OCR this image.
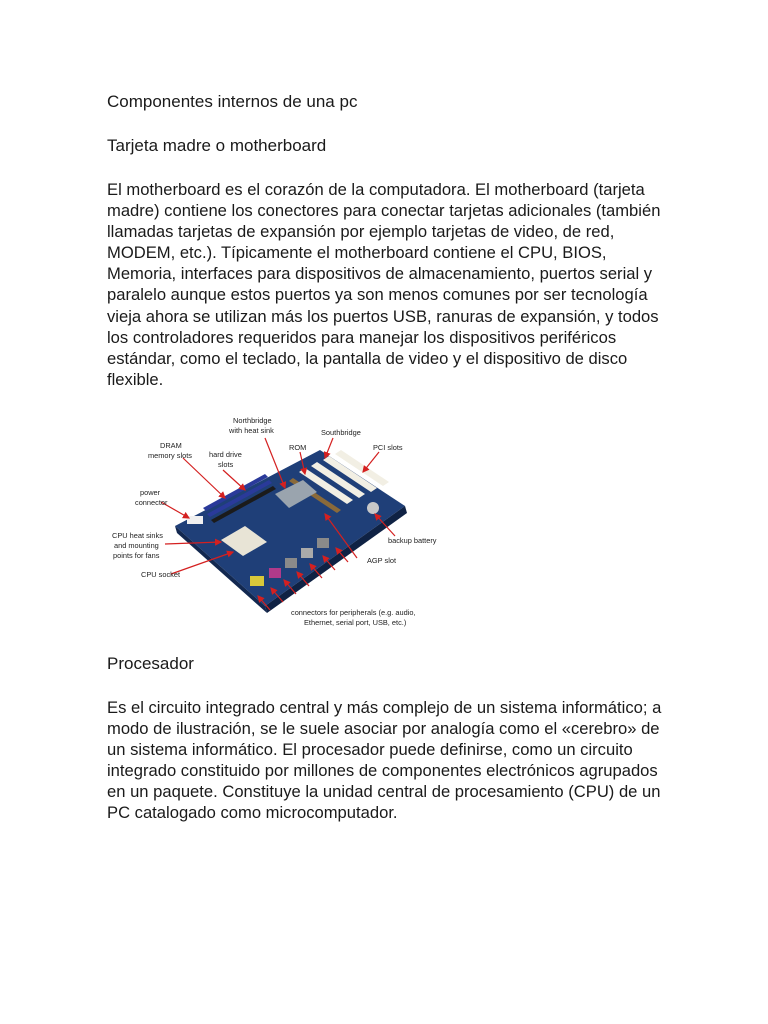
Componentes internos de una pc
Tarjeta madre o motherboard
El motherboard es el corazón de la computadora. El motherboard (tarjeta madre) contiene los conectores para conectar tarjetas adicionales (también llamadas tarjetas de expansión por ejemplo tarjetas de video, de red, MODEM, etc.). Típicamente el motherboard contiene el CPU, BIOS, Memoria, interfaces para dispositivos de almacenamiento, puertos serial y paralelo aunque estos puertos ya son menos comunes por ser tecnología vieja ahora se utilizan más los puertos USB, ranuras de expansión, y todos los controladores requeridos para manejar los dispositivos periféricos estándar, como el teclado, la pantalla de video y el dispositivo de disco flexible.
Northbridge
with heat sink	Southbridge
DRAM
memory slots hard drive
slots
ROM	PCI slots
power
connector
CPU heat sinks
and mounting
points for fans
CPU socket
backup battery
AGP slot
connectors for peripherals (e.g. audio,
Ethernet, serial port, USB, etc.)
Procesador
Es el circuito integrado central y más complejo de un sistema informático; a modo de ilustración, se le suele asociar por analogía como el «cerebro» de un sistema informático. El procesador puede definirse, como un circuito integrado constituido por millones de componentes electrónicos agrupados en un paquete. Constituye la unidad central de procesamiento (CPU) de un PC catalogado como microcomputador.
